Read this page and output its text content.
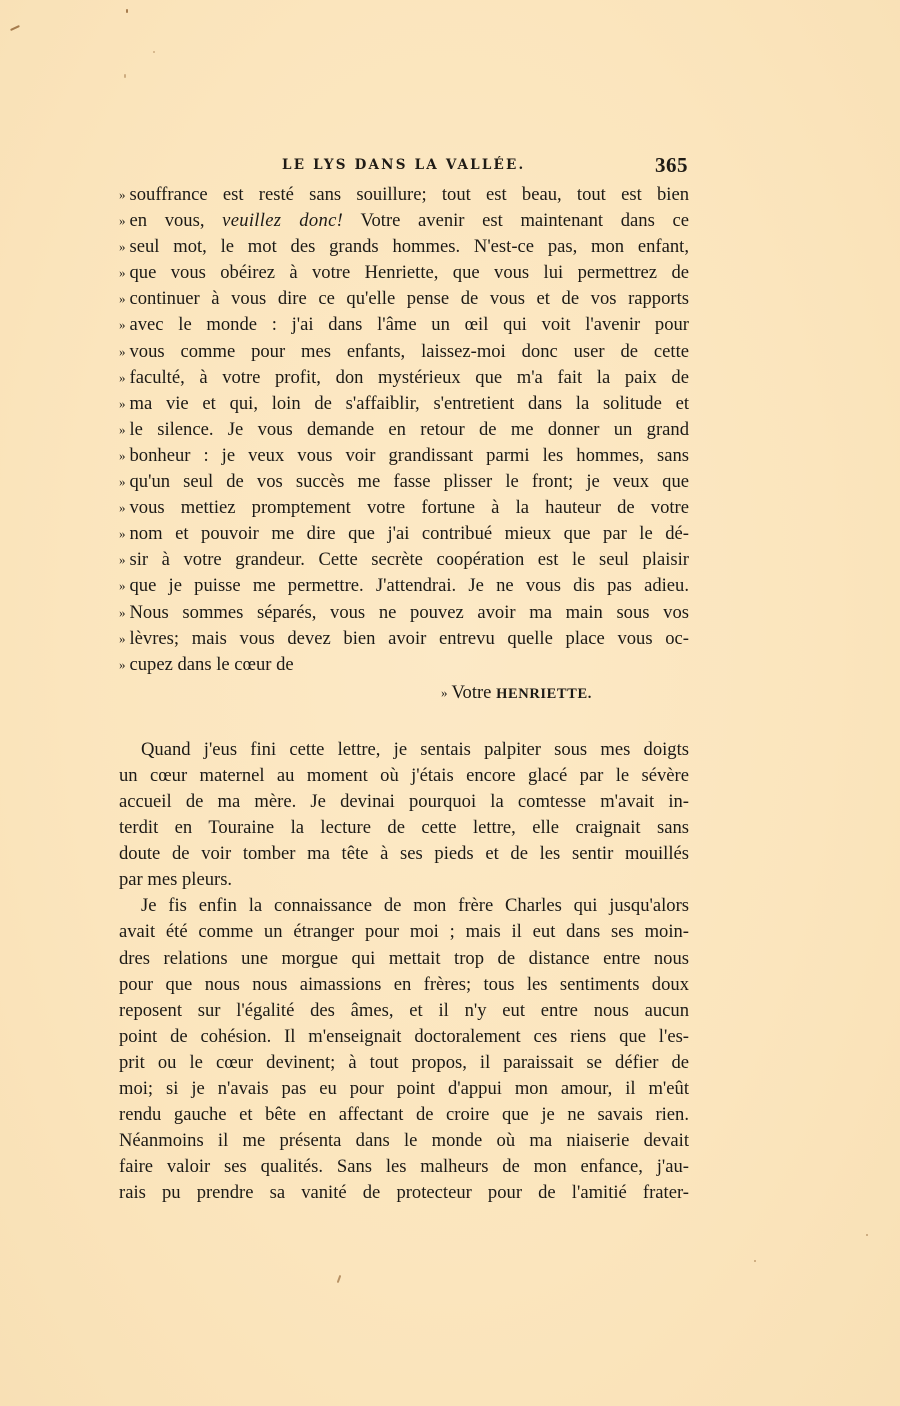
LE LYS DANS LA VALLÉE.	365
» souffrance est resté sans souillure; tout est beau, tout est bien
» en vous, veuillez donc! Votre avenir est maintenant dans ce
» seul mot, le mot des grands hommes. N'est-ce pas, mon enfant,
» que vous obéirez à votre Henriette, que vous lui permettrez de
» continuer à vous dire ce qu'elle pense de vous et de vos rapports
» avec le monde : j'ai dans l'âme un œil qui voit l'avenir pour
» vous comme pour mes enfants, laissez-moi donc user de cette
» faculté, à votre profit, don mystérieux que m'a fait la paix de
» ma vie et qui, loin de s'affaiblir, s'entretient dans la solitude et
» le silence. Je vous demande en retour de me donner un grand
» bonheur : je veux vous voir grandissant parmi les hommes, sans
» qu'un seul de vos succès me fasse plisser le front; je veux que
» vous mettiez promptement votre fortune à la hauteur de votre
» nom et pouvoir me dire que j'ai contribué mieux que par le dé-
» sir à votre grandeur. Cette secrète coopération est le seul plaisir
» que je puisse me permettre. J'attendrai. Je ne vous dis pas adieu.
» Nous sommes séparés, vous ne pouvez avoir ma main sous vos
» lèvres; mais vous devez bien avoir entrevu quelle place vous oc-
» cupez dans le cœur de
» Votre HENRIETTE.
Quand j'eus fini cette lettre, je sentais palpiter sous mes doigts
un cœur maternel au moment où j'étais encore glacé par le sévère
accueil de ma mère. Je devinai pourquoi la comtesse m'avait in-
terdit en Touraine la lecture de cette lettre, elle craignait sans
doute de voir tomber ma tête à ses pieds et de les sentir mouillés
par mes pleurs.
Je fis enfin la connaissance de mon frère Charles qui jusqu'alors
avait été comme un étranger pour moi ; mais il eut dans ses moin-
dres relations une morgue qui mettait trop de distance entre nous
pour que nous nous aimassions en frères; tous les sentiments doux
reposent sur l'égalité des âmes, et il n'y eut entre nous aucun
point de cohésion. Il m'enseignait doctoralement ces riens que l'es-
prit ou le cœur devinent; à tout propos, il paraissait se défier de
moi; si je n'avais pas eu pour point d'appui mon amour, il m'eût
rendu gauche et bête en affectant de croire que je ne savais rien.
Néanmoins il me présenta dans le monde où ma niaiserie devait
faire valoir ses qualités. Sans les malheurs de mon enfance, j'au-
rais pu prendre sa vanité de protecteur pour de l'amitié frater-
